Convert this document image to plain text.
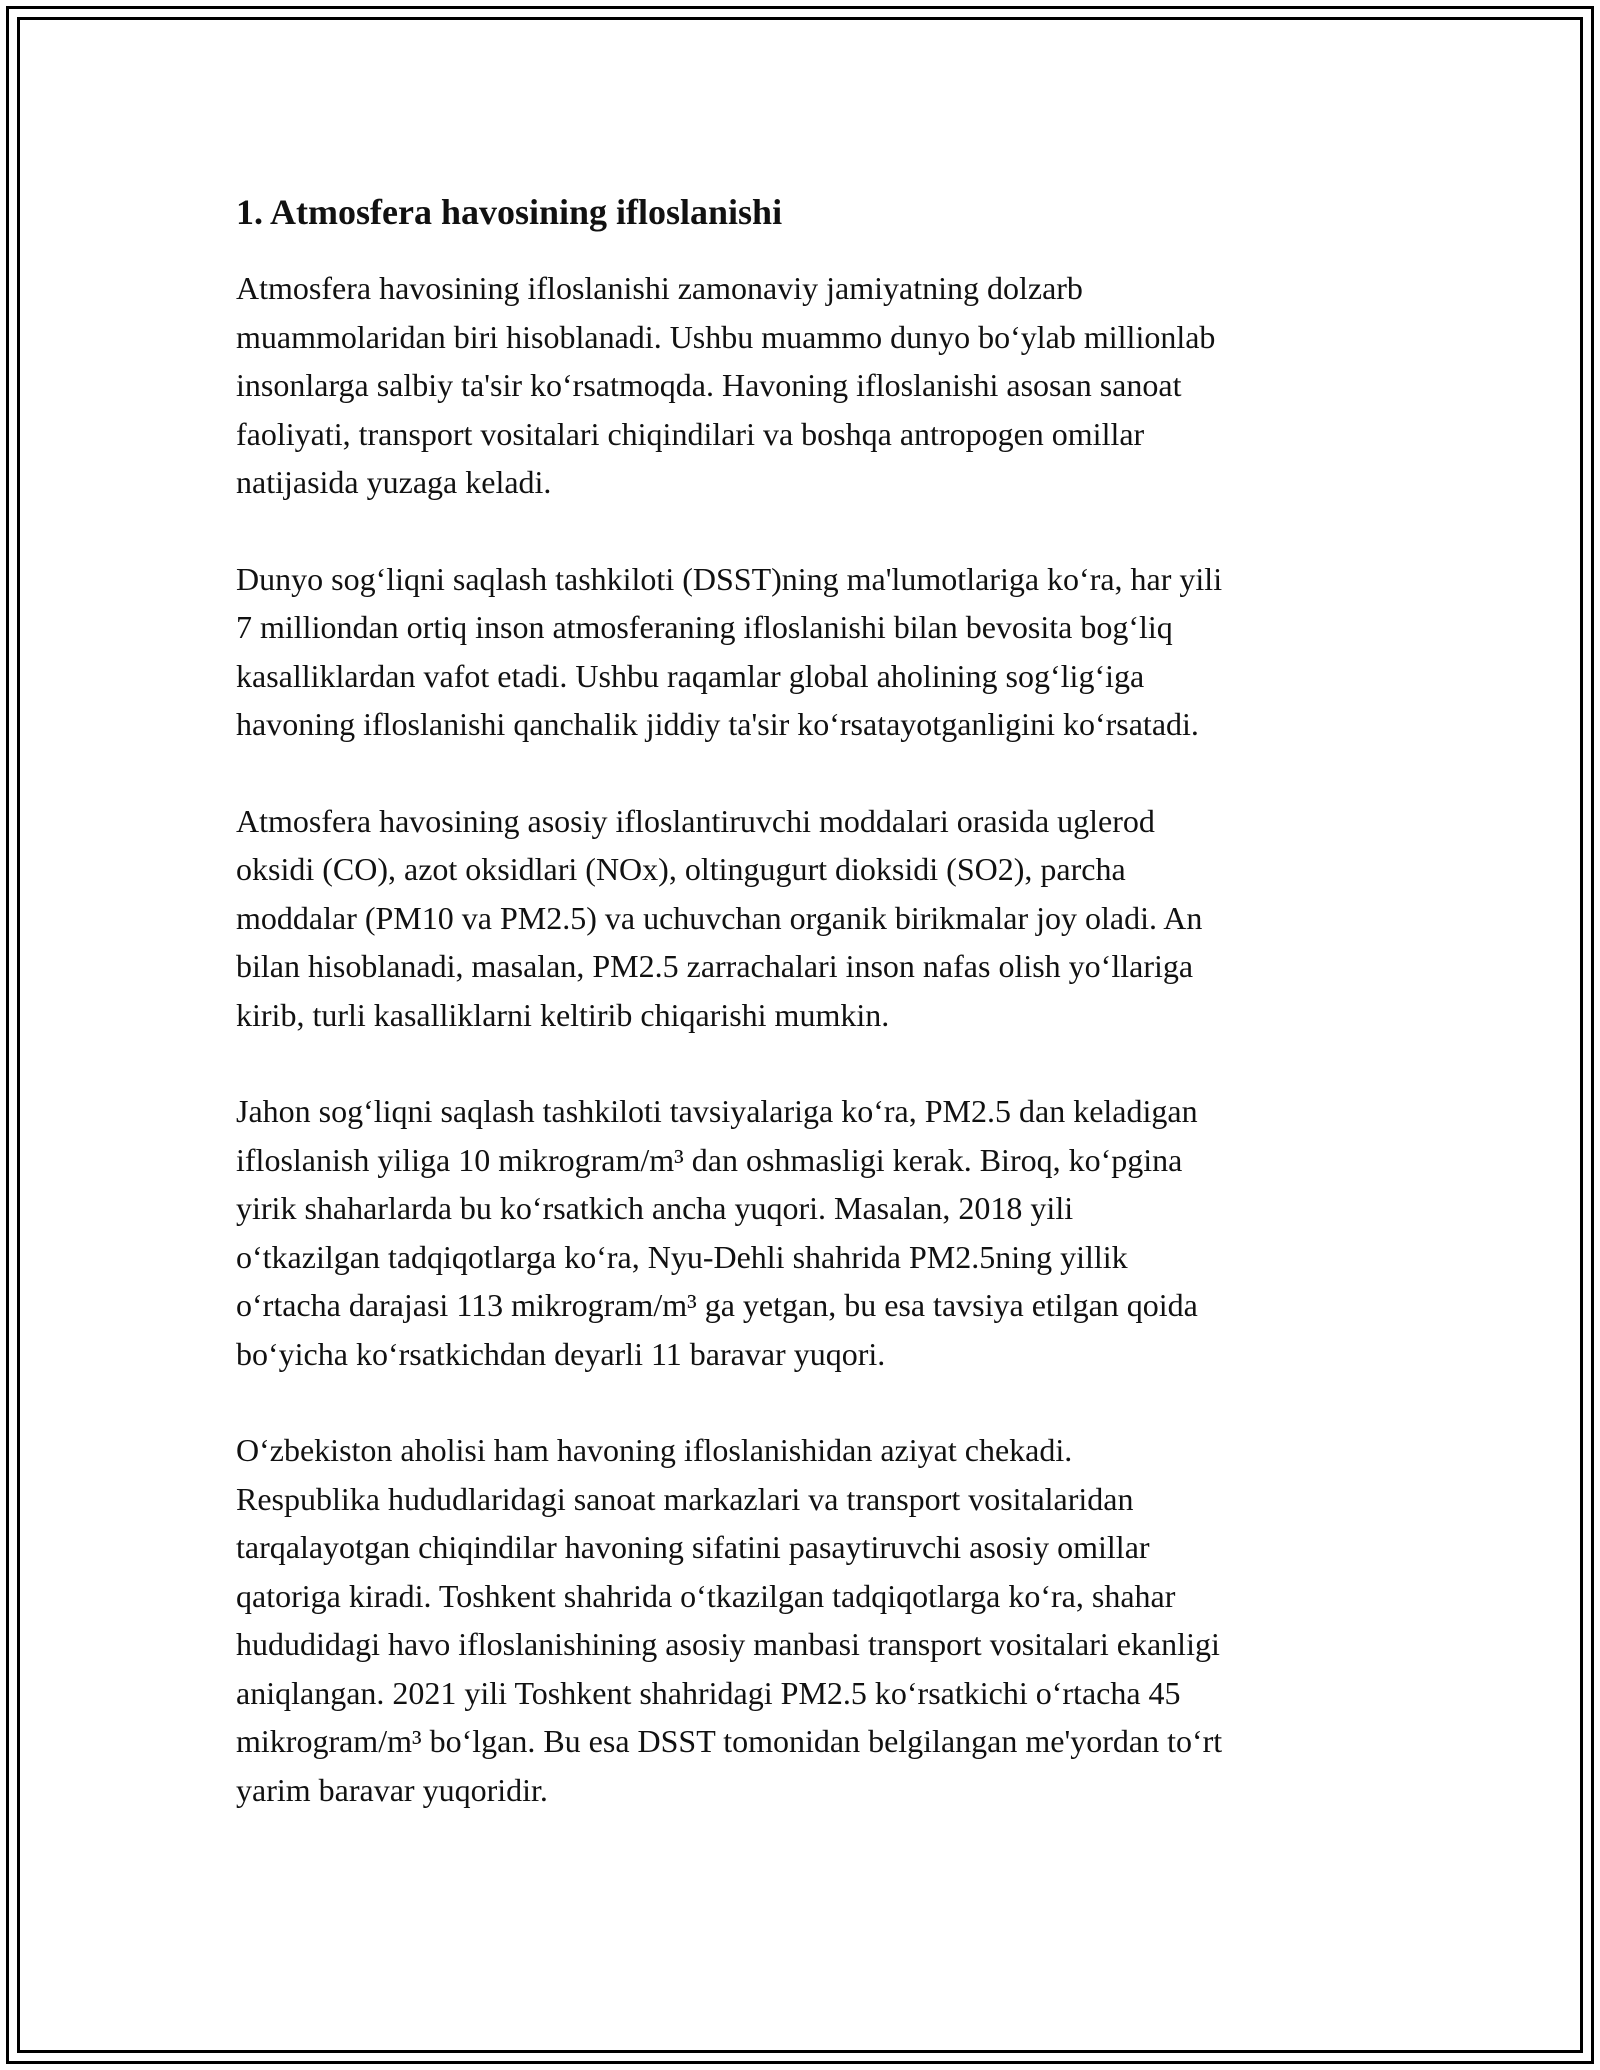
1. Atmosfera havosining ifloslanishi

Atmosfera havosining ifloslanishi zamonaviy jamiyatning dolzarb
muammolaridan biri hisoblanadi. Ushbu muammo dunyo bo‘ylab millionlab
insonlarga salbiy ta'sir ko‘rsatmoqda. Havoning ifloslanishi asosan sanoat
faoliyati, transport vositalari chiqindilari va boshqa antropogen omillar
natijasida yuzaga keladi.

Dunyo sog‘liqni saqlash tashkiloti (DSST)ning ma'lumotlariga ko‘ra, har yili
7 milliondan ortiq inson atmosferaning ifloslanishi bilan bevosita bog‘liq
kasalliklardan vafot etadi. Ushbu raqamlar global aholining sog‘lig‘iga
havoning ifloslanishi qanchalik jiddiy ta'sir ko‘rsatayotganligini ko‘rsatadi.

Atmosfera havosining asosiy ifloslantiruvchi moddalari orasida uglerod
oksidi (CO), azot oksidlari (NOx), oltingugurt dioksidi (SO2), parcha
moddalar (PM10 va PM2.5) va uchuvchan organik birikmalar joy oladi. An
bilan hisoblanadi, masalan, PM2.5 zarrachalari inson nafas olish yo‘llariga
kirib, turli kasalliklarni keltirib chiqarishi mumkin.

Jahon sog‘liqni saqlash tashkiloti tavsiyalariga ko‘ra, PM2.5 dan keladigan
ifloslanish yiliga 10 mikrogram/m³ dan oshmasligi kerak. Biroq, ko‘pgina
yirik shaharlarda bu ko‘rsatkich ancha yuqori. Masalan, 2018 yili
o‘tkazilgan tadqiqotlarga ko‘ra, Nyu-Dehli shahrida PM2.5ning yillik
o‘rtacha darajasi 113 mikrogram/m³ ga yetgan, bu esa tavsiya etilgan qoida
bo‘yicha ko‘rsatkichdan deyarli 11 baravar yuqori.

O‘zbekiston aholisi ham havoning ifloslanishidan aziyat chekadi.
Respublika hududlaridagi sanoat markazlari va transport vositalaridan
tarqalayotgan chiqindilar havoning sifatini pasaytiruvchi asosiy omillar
qatoriga kiradi. Toshkent shahrida o‘tkazilgan tadqiqotlarga ko‘ra, shahar
hududidagi havo ifloslanishining asosiy manbasi transport vositalari ekanligi
aniqlangan. 2021 yili Toshkent shahridagi PM2.5 ko‘rsatkichi o‘rtacha 45
mikrogram/m³ bo‘lgan. Bu esa DSST tomonidan belgilangan me'yordan to‘rt
yarim baravar yuqoridir.
